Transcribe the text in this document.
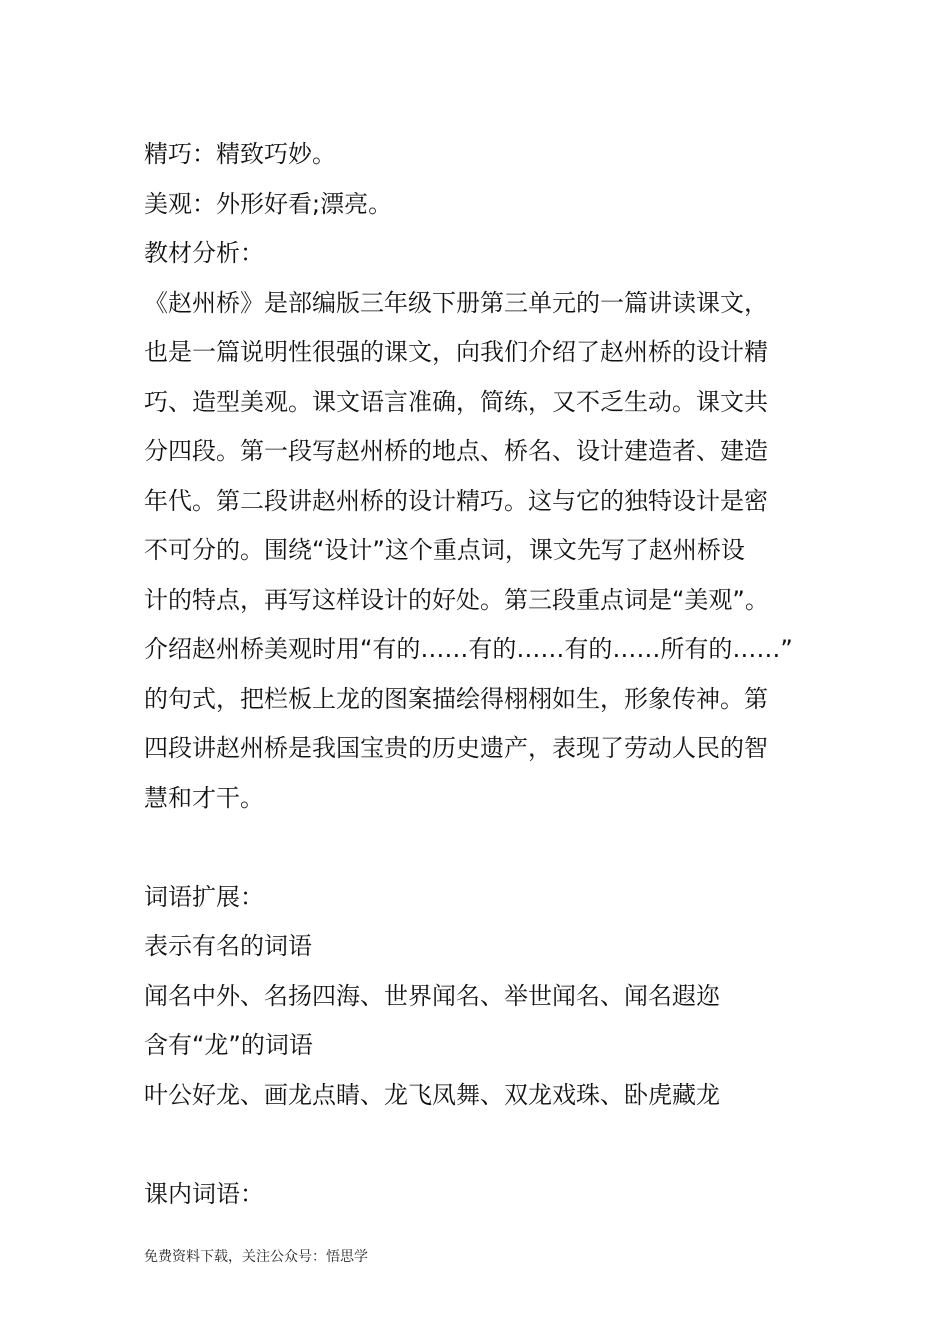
精巧：精致巧妙。
美观：外形好看;漂亮。
教材分析：
《赵州桥》是部编版三年级下册第三单元的一篇讲读课文，
也是一篇说明性很强的课文，向我们介绍了赵州桥的设计精
巧、造型美观。课文语言准确，简练，又不乏生动。课文共
分四段。第一段写赵州桥的地点、桥名、设计建造者、建造
年代。第二段讲赵州桥的设计精巧。这与它的独特设计是密
不可分的。围绕“设计”这个重点词，课文先写了赵州桥设
计的特点，再写这样设计的好处。第三段重点词是“美观”。
介绍赵州桥美观时用“有的……有的……有的……所有的……”
的句式，把栏板上龙的图案描绘得栩栩如生，形象传神。第
四段讲赵州桥是我国宝贵的历史遗产，表现了劳动人民的智
慧和才干。
词语扩展：
表示有名的词语
闻名中外、名扬四海、世界闻名、举世闻名、闻名遐迩
含有“龙”的词语
叶公好龙、画龙点睛、龙飞凤舞、双龙戏珠、卧虎藏龙
课内词语：
免费资料下载，关注公众号：悟思学
